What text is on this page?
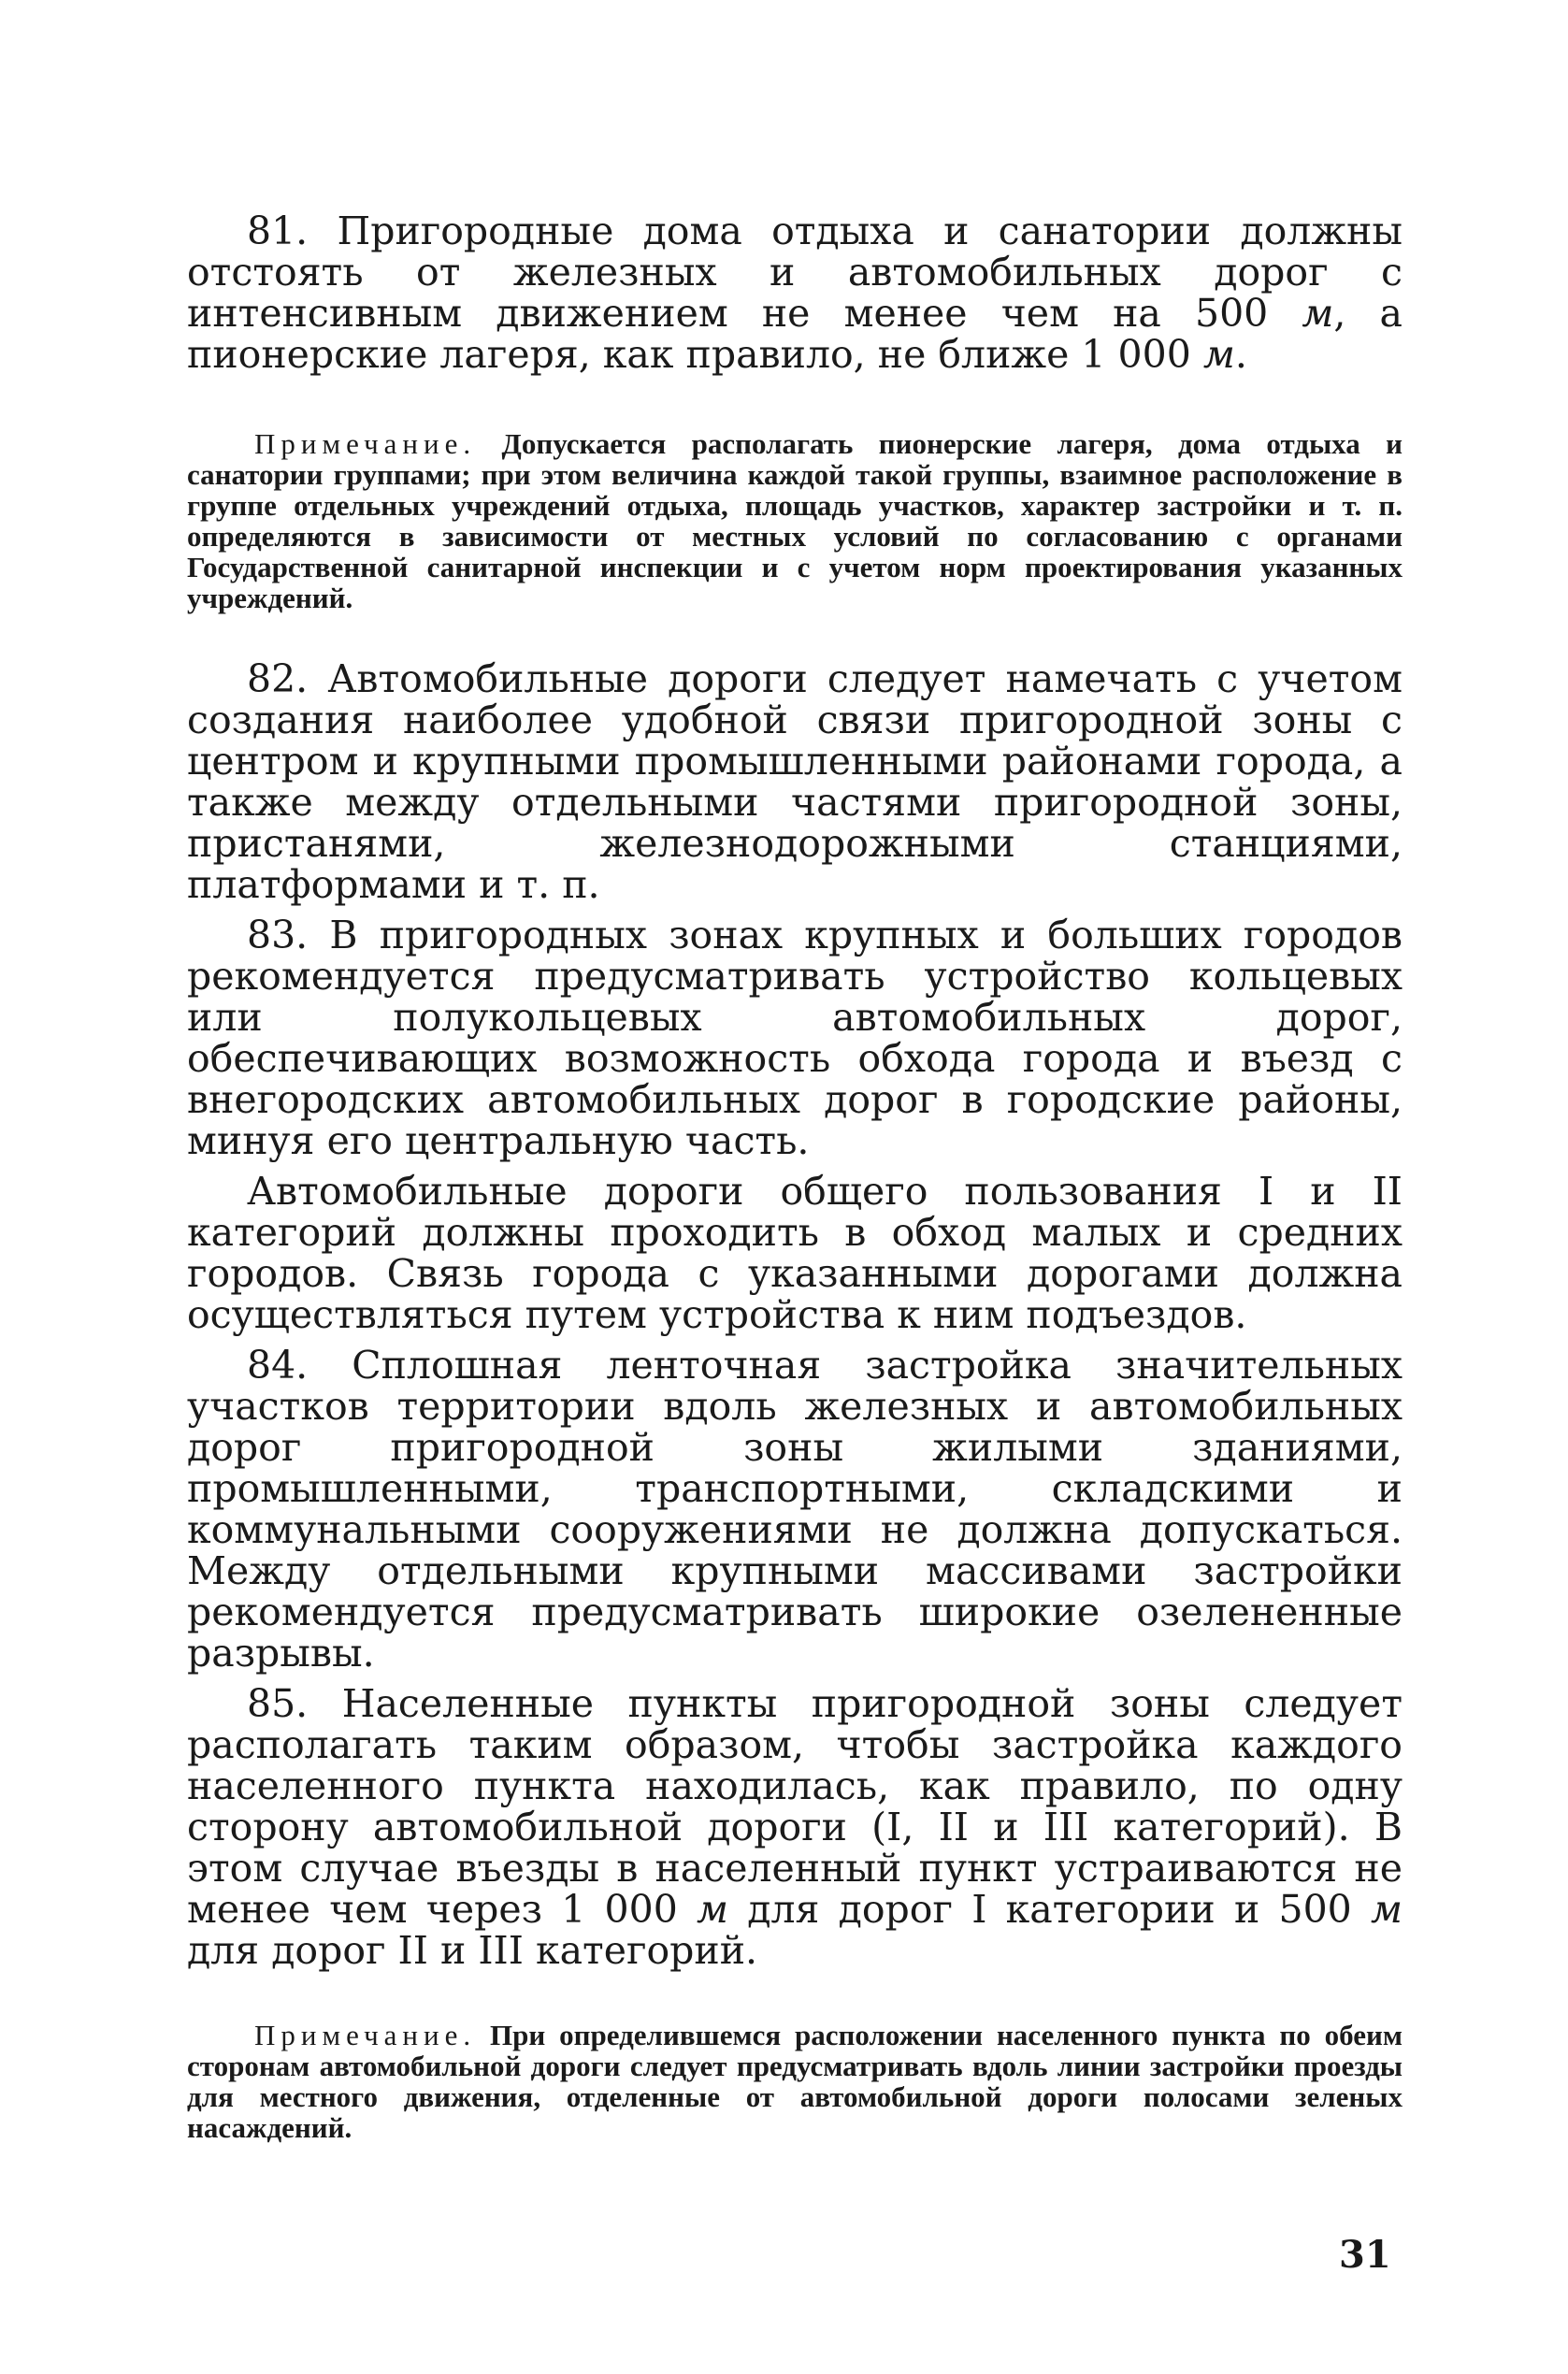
81. Пригородные дома отдыха и санатории должны отстоять от железных и автомобильных дорог с интенсивным движением не менее чем на 500 м, а пионерские лагеря, как правило, не ближе 1 000 м.

Примечание. Допускается располагать пионерские лагеря, дома отдыха и санатории группами; при этом величина каждой такой группы, взаимное расположение в группе отдельных учреждений отдыха, площадь участков, характер застройки и т. п. определяются в зависимости от местных условий по согласованию с органами Государственной санитарной инспекции и с учетом норм проектирования указанных учреждений.

82. Автомобильные дороги следует намечать с учетом создания наиболее удобной связи пригородной зоны с центром и крупными промышленными районами города, а также между отдельными частями пригородной зоны, пристанями, железнодорожными станциями, платформами и т. п.

83. В пригородных зонах крупных и больших городов рекомендуется предусматривать устройство кольцевых или полукольцевых автомобильных дорог, обеспечивающих возможность обхода города и въезд с внегородских автомобильных дорог в городские районы, минуя его центральную часть.

Автомобильные дороги общего пользования I и II категорий должны проходить в обход малых и средних городов. Связь города с указанными дорогами должна осуществляться путем устройства к ним подъездов.

84. Сплошная ленточная застройка значительных участков территории вдоль железных и автомобильных дорог пригородной зоны жилыми зданиями, промышленными, транспортными, складскими и коммунальными сооружениями не должна допускаться. Между отдельными крупными массивами застройки рекомендуется предусматривать широкие озелененные разрывы.

85. Населенные пункты пригородной зоны следует располагать таким образом, чтобы застройка каждого населенного пункта находилась, как правило, по одну сторону автомобильной дороги (I, II и III категорий). В этом случае въезды в населенный пункт устраиваются не менее чем через 1 000 м для дорог I категории и 500 м для дорог II и III категорий.

Примечание. При определившемся расположении населенного пункта по обеим сторонам автомобильной дороги следует предусматривать вдоль линии застройки проезды для местного движения, отделенные от автомобильной дороги полосами зеленых насаждений.

31
